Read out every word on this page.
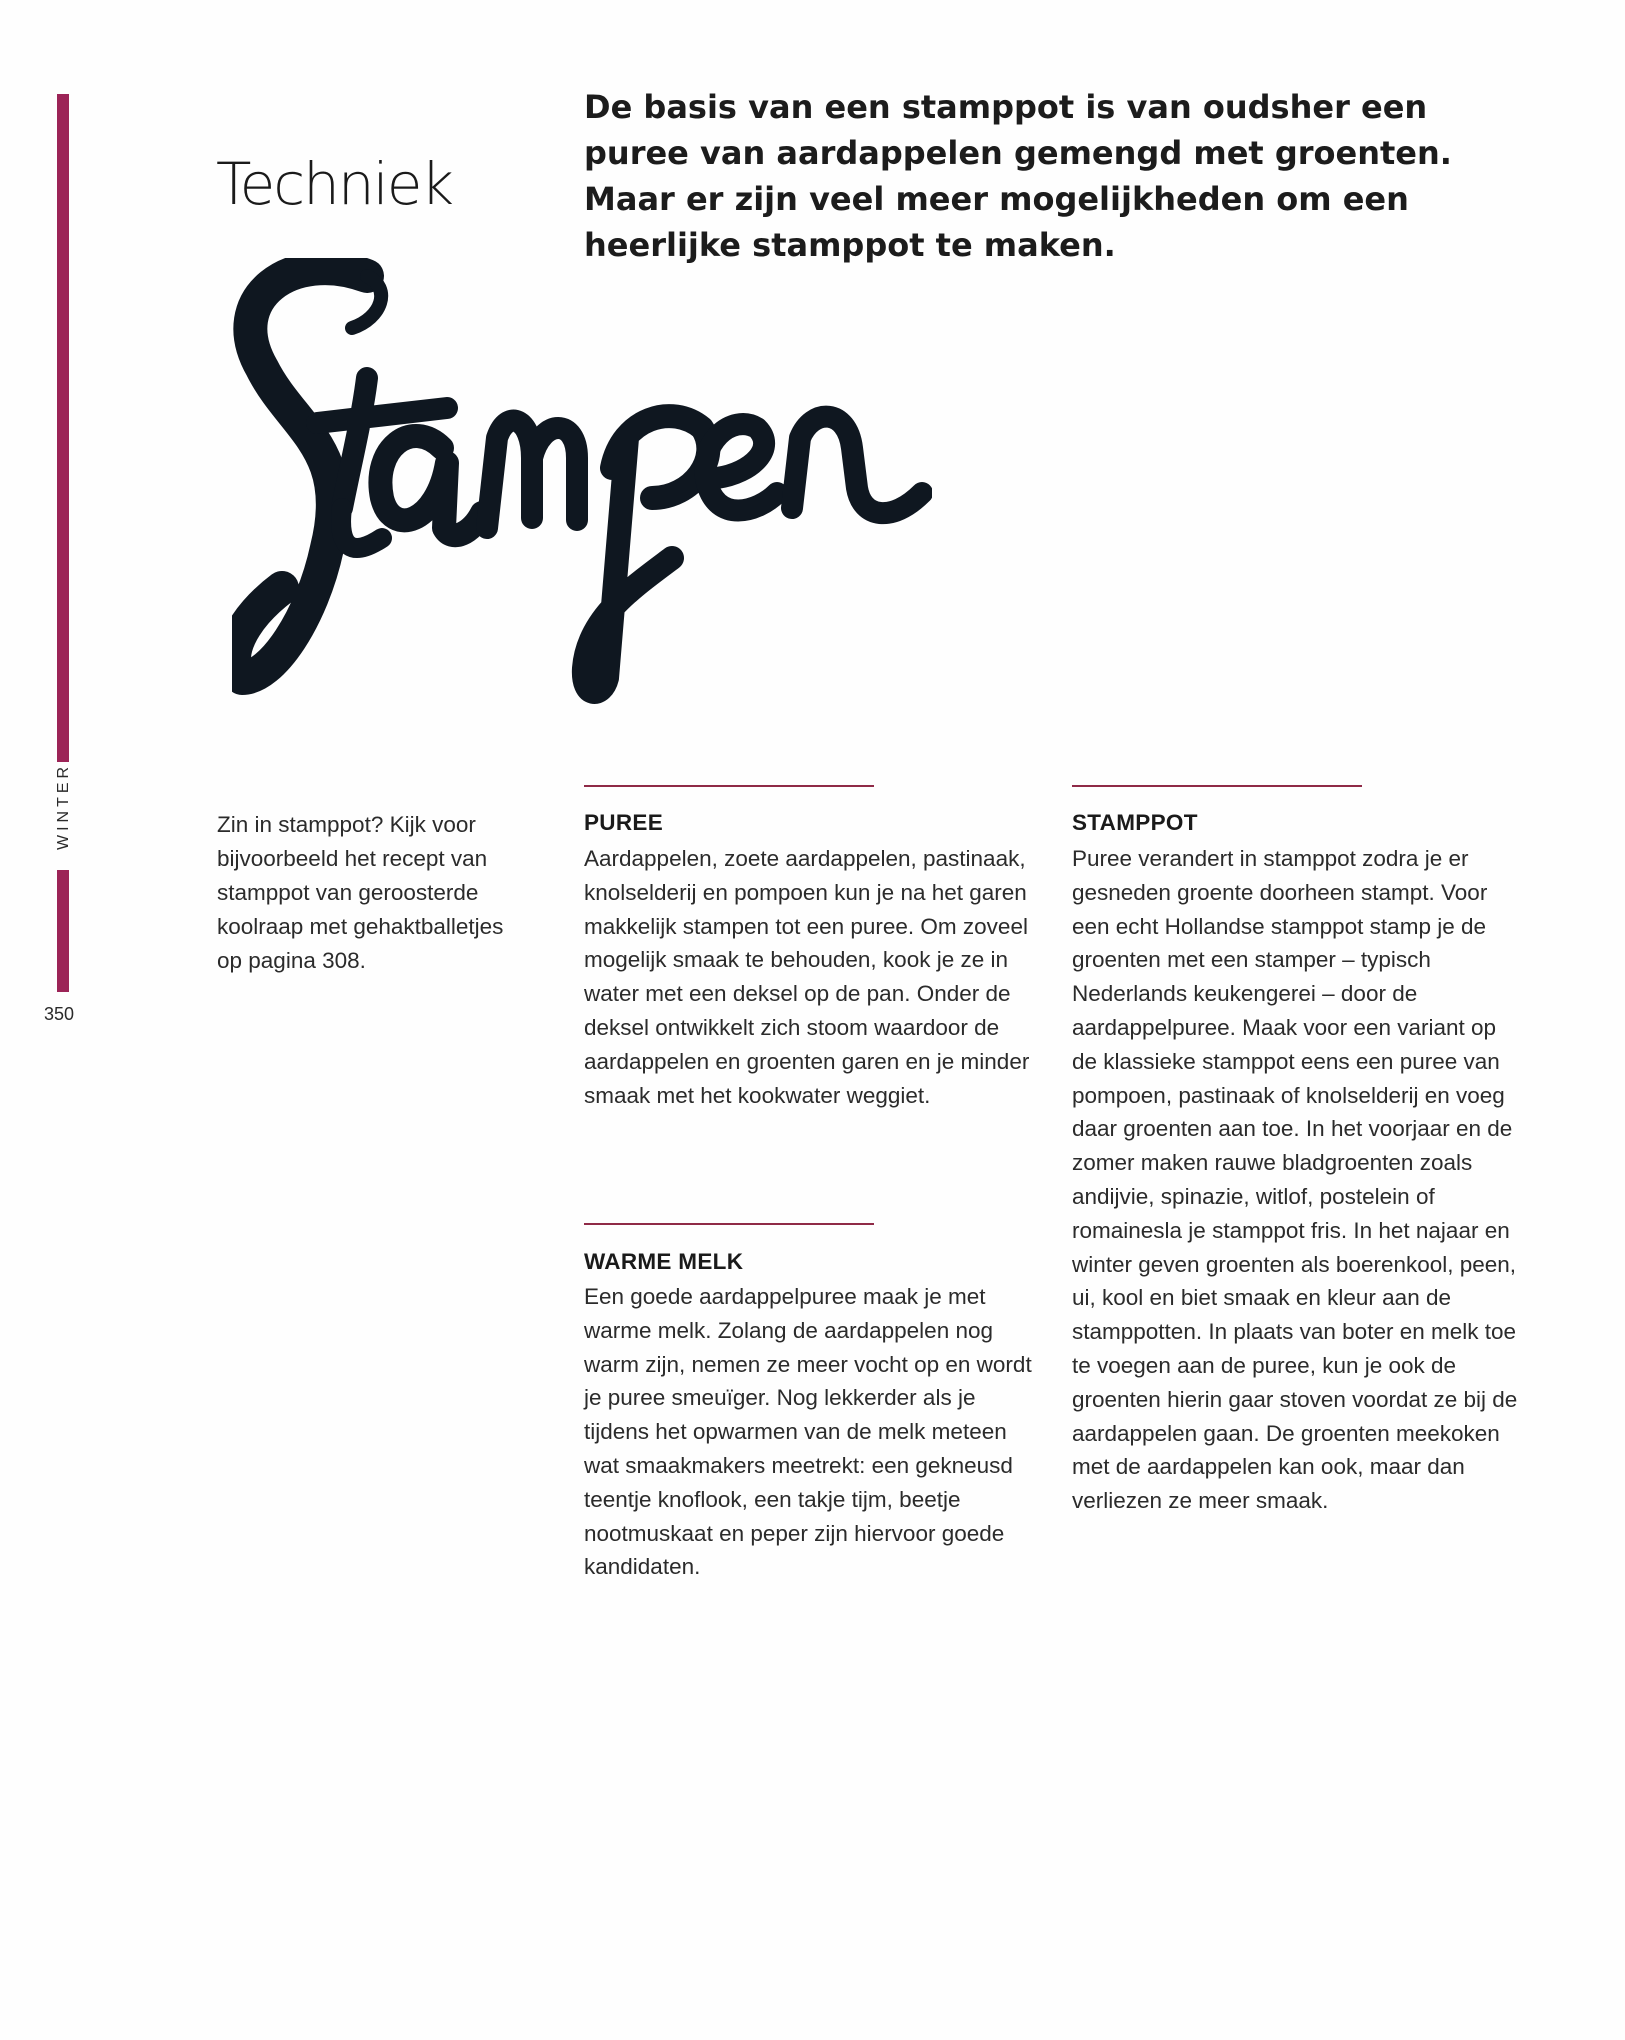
WINTER
350
Techniek

De basis van een stamppot is van oudsher een puree van aardappelen gemengd met groenten. Maar er zijn veel meer mogelijkheden om een heerlijke stamppot te maken.

Zin in stamppot? Kijk voor bijvoorbeeld het recept van stamppot van geroosterde koolraap met gehaktballetjes op pagina 308.

PUREE

Aardappelen, zoete aardappelen, pastinaak, knolselderij en pompoen kun je na het garen makkelijk stampen tot een puree. Om zoveel mogelijk smaak te behouden, kook je ze in water met een deksel op de pan. Onder de deksel ontwikkelt zich stoom waardoor de aardappelen en groenten garen en je minder smaak met het kookwater weggiet.

WARME MELK

Een goede aardappelpuree maak je met warme melk. Zolang de aardappelen nog warm zijn, nemen ze meer vocht op en wordt je puree smeuïger. Nog lekkerder als je tijdens het opwarmen van de melk meteen wat smaakmakers meetrekt: een gekneusd teentje knoflook, een takje tijm, beetje nootmuskaat en peper zijn hiervoor goede kandidaten.

STAMPPOT

Puree verandert in stamppot zodra je er gesneden groente doorheen stampt. Voor een echt Hollandse stamppot stamp je de groenten met een stamper – typisch Nederlands keukengerei – door de aardappelpuree. Maak voor een variant op de klassieke stamppot eens een puree van pompoen, pastinaak of knolselderij en voeg daar groenten aan toe. In het voorjaar en de zomer maken rauwe bladgroenten zoals andijvie, spinazie, witlof, postelein of romainesla je stamppot fris. In het najaar en winter geven groenten als boerenkool, peen, ui, kool en biet smaak en kleur aan de stamppotten. In plaats van boter en melk toe te voegen aan de puree, kun je ook de groenten hierin gaar stoven voordat ze bij de aardappelen gaan. De groenten meekoken met de aardappelen kan ook, maar dan verliezen ze meer smaak.
